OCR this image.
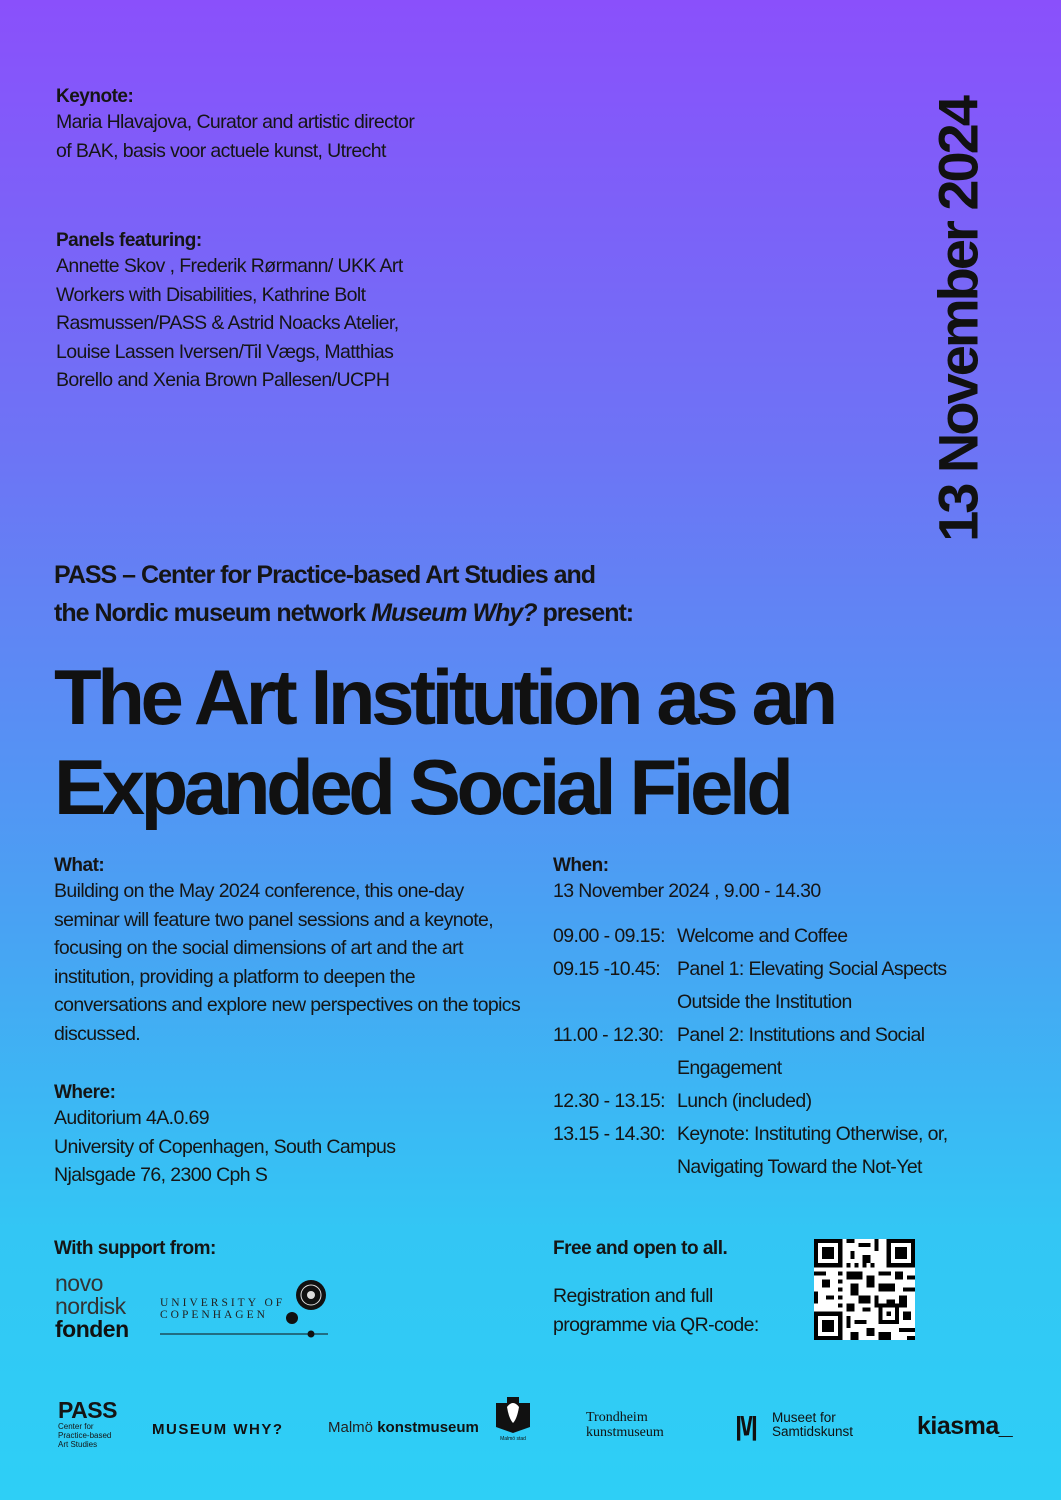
Keynote:
Maria Hlavajova, Curator and artistic director of BAK, basis voor actuele kunst, Utrecht
Panels featuring:
Annette Skov , Frederik Rørmann/ UKK Art Workers with Disabilities, Kathrine Bolt Rasmussen/PASS & Astrid Noacks Atelier, Louise Lassen Iversen/Til Vægs, Matthias Borello and Xenia Brown Pallesen/UCPH	13 November 2024
PASS – Center for Practice-based Art Studies and
the Nordic museum network Museum Why? present:
The Art Institution as an
Expanded Social Field
What:
Building on the May 2024 conference, this one-day seminar will feature two panel sessions and a keynote, focusing on the social dimensions of art and the art institution, providing a platform to deepen the conversations and explore new perspectives on the topics discussed.
Where:
Auditorium 4A.0.69
University of Copenhagen, South Campus
Njalsgade 76, 2300 Cph S
When:
13 November 2024 , 9.00 - 14.30
09.00 - 09.15:	Welcome and Coffee
09.15 -10.45:	Panel 1: Elevating Social Aspects Outside the Institution
11.00 - 12.30:	Panel 2: Institutions and Social Engagement
12.30 - 13.15:	Lunch (included)
13.15 - 14.30:	Keynote: Instituting Otherwise, or, Navigating Toward the Not-Yet
With support from:
novo
nordisk
fonden
UNIVERSITY OF
COPENHAGEN
Free and open to all.
Registration and full programme via QR-code:
PASS
Center for
Practice-based
Art Studies
MUSEUM WHY?	Malmö konstmuseum
Malmö stad
Trondheim
kunstmuseum	|\/| Museet for
Samtidskunst	kiasma_
